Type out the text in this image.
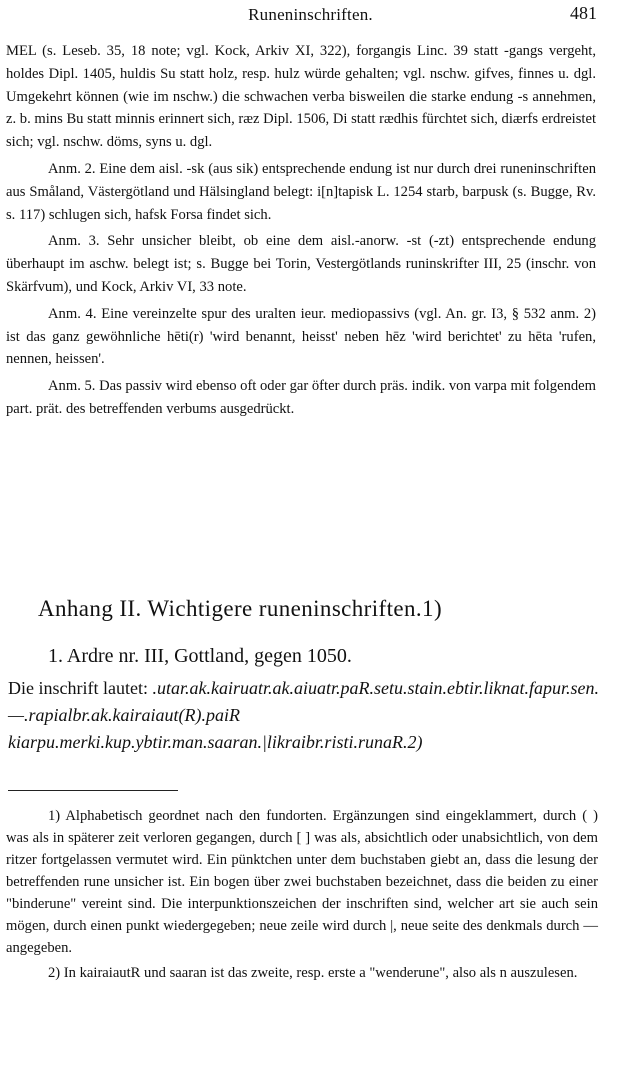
Runeninschriften.	481

MEL (s. Leseb. 35, 18 note; vgl. Kock, Arkiv XI, 322), forgangis Linc. 39 statt -gangs vergeht, holdes Dipl. 1405, huldis Su statt holz, resp. hulz würde gehalten; vgl. nschw. gifves, finnes u. dgl. Umgekehrt können (wie im nschw.) die schwachen verba bisweilen die starke endung -s annehmen, z. b. mins Bu statt minnis erinnert sich, ræz Dipl. 1506, Di statt rædhis fürchtet sich, diærfs erdreistet sich; vgl. nschw. döms, syns u. dgl.

Anm. 2. Eine dem aisl. -sk (aus sik) entsprechende endung ist nur durch drei runeninschriften aus Småland, Västergötland und Hälsingland belegt: i[n]tapisk L. 1254 starb, barpusk (s. Bugge, Rv. s. 117) schlugen sich, hafsk Forsa findet sich.

Anm. 3. Sehr unsicher bleibt, ob eine dem aisl.-anorw. -st (-zt) entsprechende endung überhaupt im aschw. belegt ist; s. Bugge bei Torin, Vestergötlands runinskrifter III, 25 (inschr. von Skärfvum), und Kock, Arkiv VI, 33 note.

Anm. 4. Eine vereinzelte spur des uralten ieur. mediopassivs (vgl. An. gr. I3, § 532 anm. 2) ist das ganz gewöhnliche hēti(r) 'wird benannt, heisst' neben hēz 'wird berichtet' zu hēta 'rufen, nennen, heissen'.

Anm. 5. Das passiv wird ebenso oft oder gar öfter durch präs. indik. von varpa mit folgendem part. prät. des betreffenden verbums ausgedrückt.

Anhang II. Wichtigere runeninschriften.1)
1. Ardre nr. III, Gottland, gegen 1050.
Die inschrift lautet: .utar.ak.kairuatr.ak.aiuatr.paR.setu.stain.ebtir.liknat.fapur.sen.—.rapialbr.ak.kairaiaut(R).paiR kiarpu.merki.kup.ybtir.man.saaran.|likraibr.risti.runaR.2)

1) Alphabetisch geordnet nach den fundorten. Ergänzungen sind eingeklammert, durch ( ) was als in späterer zeit verloren gegangen, durch [ ] was als, absichtlich oder unabsichtlich, von dem ritzer fortgelassen vermutet wird. Ein pünktchen unter dem buchstaben giebt an, dass die lesung der betreffenden rune unsicher ist. Ein bogen über zwei buchstaben bezeichnet, dass die beiden zu einer "binderune" vereint sind. Die interpunktionszeichen der inschriften sind, welcher art sie auch sein mögen, durch einen punkt wiedergegeben; neue zeile wird durch |, neue seite des denkmals durch — angegeben.

2) In kairaiautR und saaran ist das zweite, resp. erste a "wenderune", also als n auszulesen.
